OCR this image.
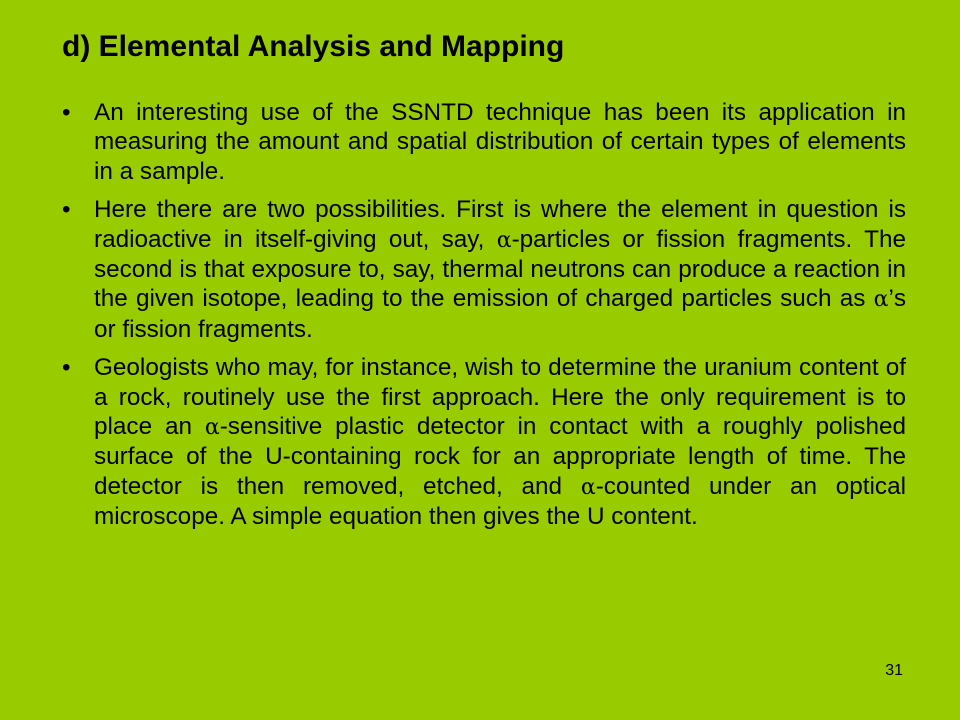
d) Elemental Analysis and Mapping
• An interesting use of the SSNTD technique has been its application in measuring the amount and spatial distribution of certain types of elements in a sample.
• Here there are two possibilities. First is where the element in question is radioactive in itself-giving out, say, α-particles or fission fragments. The second is that exposure to, say, thermal neutrons can produce a reaction in the given isotope, leading to the emission of charged particles such as α’s or fission fragments.
• Geologists who may, for instance, wish to determine the uranium content of a rock, routinely use the first approach. Here the only requirement is to place an α-sensitive plastic detector in contact with a roughly polished surface of the U-containing rock for an appropriate length of time. The detector is then removed, etched, and α-counted under an optical microscope. A simple equation then gives the U content.
31
